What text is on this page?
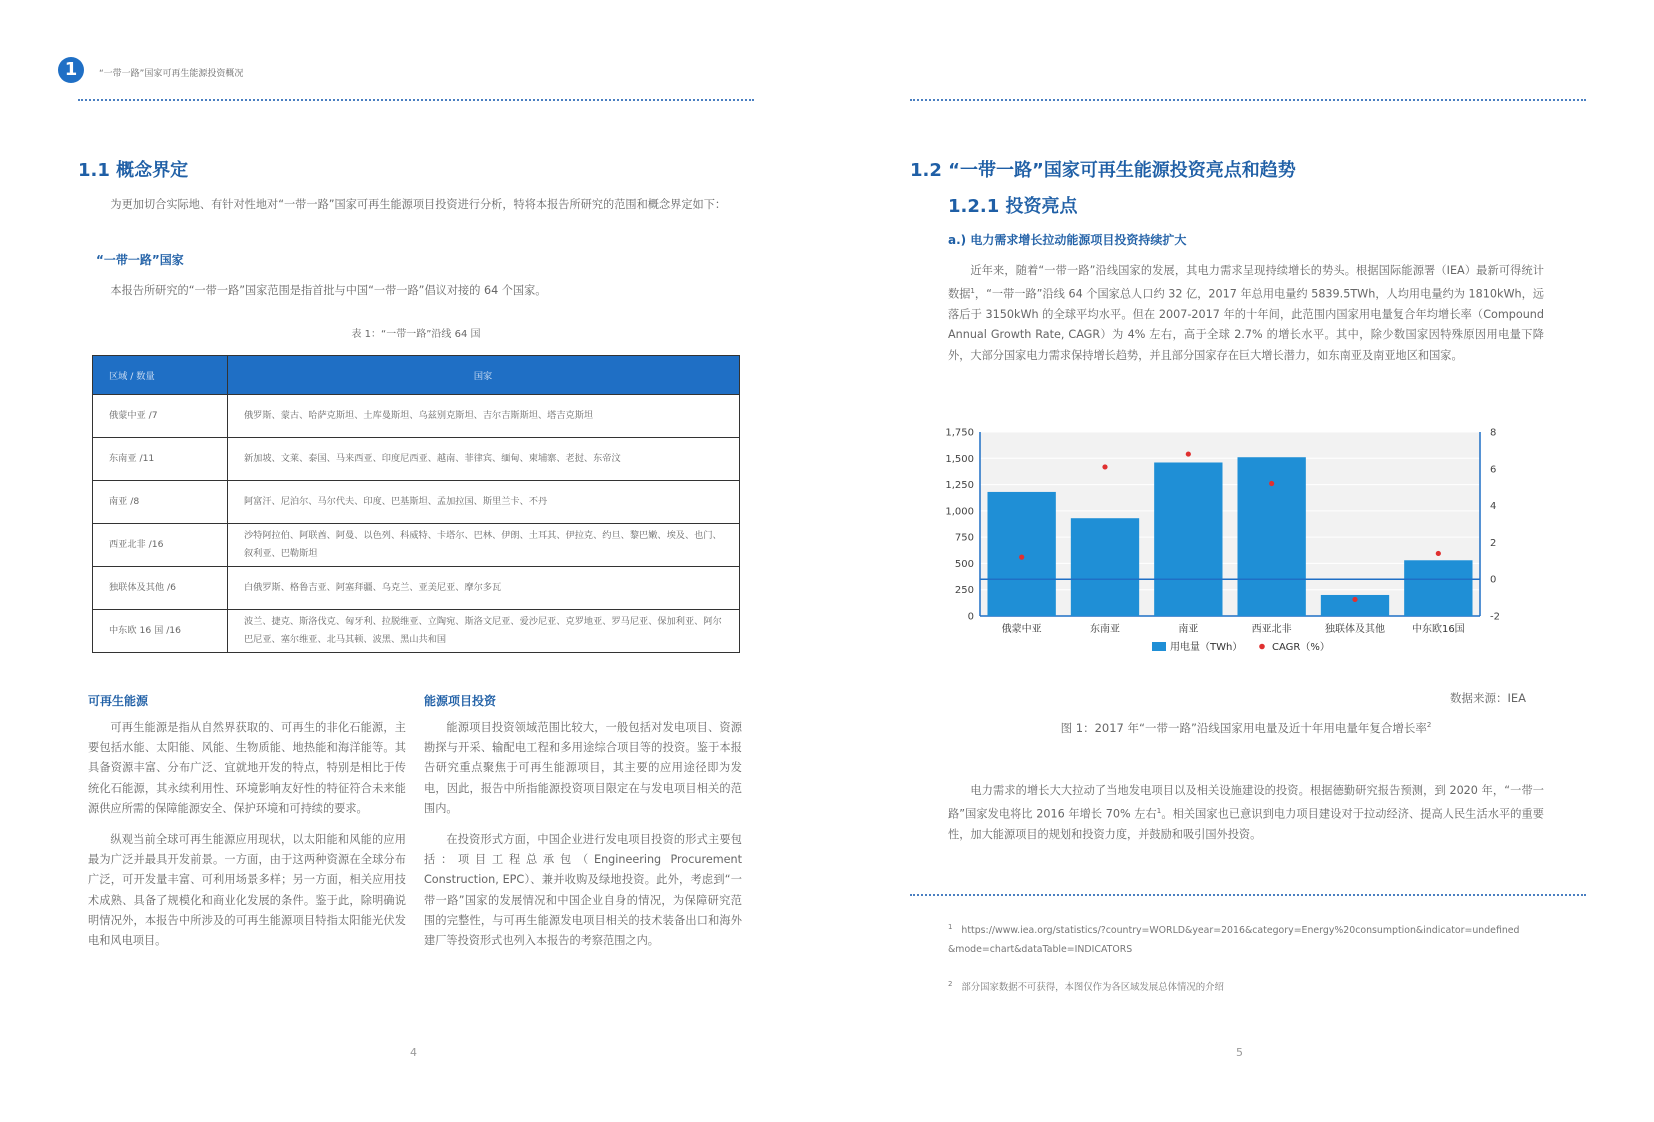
1	“一带一路”国家可再生能源投资概况
1.1 概念界定

为更加切合实际地、有针对性地对“一带一路”国家可再生能源项目投资进行分析，特将本报告所研究的范围和概念界定如下：

“一带一路”国家

本报告所研究的“一带一路”国家范围是指首批与中国“一带一路”倡议对接的 64 个国家。

表 1：“一带一路”沿线 64 国
区域 / 数量	国家
俄蒙中亚 /7	俄罗斯、蒙古、哈萨克斯坦、土库曼斯坦、乌兹别克斯坦、吉尔吉斯斯坦、塔吉克斯坦
东南亚 /11	新加坡、文莱、泰国、马来西亚、印度尼西亚、越南、菲律宾、缅甸、柬埔寨、老挝、东帝汶
南亚 /8	阿富汗、尼泊尔、马尔代夫、印度、巴基斯坦、孟加拉国、斯里兰卡、不丹
西亚北非 /16	沙特阿拉伯、阿联酋、阿曼、以色列、科威特、卡塔尔、巴林、伊朗、土耳其、伊拉克、约旦、黎巴嫩、埃及、也门、叙利亚、巴勒斯坦
独联体及其他 /6	白俄罗斯、格鲁吉亚、阿塞拜疆、乌克兰、亚美尼亚、摩尔多瓦
中东欧 16 国 /16	波兰、捷克、斯洛伐克、匈牙利、拉脱维亚、立陶宛、斯洛文尼亚、爱沙尼亚、克罗地亚、罗马尼亚、保加利亚、阿尔巴尼亚、塞尔维亚、北马其顿、波黑、黑山共和国
可再生能源

可再生能源是指从自然界获取的、可再生的非化石能源，主要包括水能、太阳能、风能、生物质能、地热能和海洋能等。其具备资源丰富、分布广泛、宜就地开发的特点，特别是相比于传统化石能源，其永续利用性、环境影响友好性的特征符合未来能源供应所需的保障能源安全、保护环境和可持续的要求。

纵观当前全球可再生能源应用现状，以太阳能和风能的应用最为广泛并最具开发前景。一方面，由于这两种资源在全球分布广泛，可开发量丰富、可利用场景多样；另一方面，相关应用技术成熟、具备了规模化和商业化发展的条件。鉴于此，除明确说明情况外，本报告中所涉及的可再生能源项目特指太阳能光伏发电和风电项目。

能源项目投资

能源项目投资领域范围比较大，一般包括对发电项目、资源勘探与开采、输配电工程和多用途综合项目等的投资。鉴于本报告研究重点聚焦于可再生能源项目，其主要的应用途径即为发电，因此，报告中所指能源投资项目限定在与发电项目相关的范围内。

在投资形式方面，中国企业进行发电项目投资的形式主要包括：项目工程总承包（Engineering Procurement Construction, EPC）、兼并收购及绿地投资。此外，考虑到“一带一路”国家的发展情况和中国企业自身的情况，为保障研究范围的完整性，与可再生能源发电项目相关的技术装备出口和海外建厂等投资形式也列入本报告的考察范围之内。

4
1.2 “一带一路”国家可再生能源投资亮点和趋势
1.2.1 投资亮点
a.) 电力需求增长拉动能源项目投资持续扩大

近年来，随着“一带一路”沿线国家的发展，其电力需求呈现持续增长的势头。根据国际能源署（IEA）最新可得统计数据$^1$，“一带一路”沿线 64 个国家总人口约 32 亿，2017 年总用电量约 5839.5TWh，人均用电量约为 1810kWh，远落后于 3150kWh 的全球平均水平。但在 2007-2017 年的十年间，此范围内国家用电量复合年均增长率（Compound Annual Growth Rate, CAGR）为 4% 左右，高于全球 2.7% 的增长水平。其中，除少数国家因特殊原因用电量下降外，大部分国家电力需求保持增长趋势，并且部分国家存在巨大增长潜力，如东南亚及南亚地区和国家。

0
250
500
750
1,000
1,250
1,500
1,750
-2
0
2
4
6
8
俄蒙中亚	东南亚	南亚	西亚北非	独联体及其他	中东欧16国
用电量（TWh）	CAGR（%）
数据来源：IEA
图 1：2017 年“一带一路”沿线国家用电量及近十年用电量年复合增长率$^2$

电力需求的增长大大拉动了当地发电项目以及相关设施建设的投资。根据德勤研究报告预测，到 2020 年，“一带一路”国家发电将比 2016 年增长 70% 左右$^1$。相关国家也已意识到电力项目建设对于拉动经济、提高人民生活水平的重要性，加大能源项目的规划和投资力度，并鼓励和吸引国外投资。

$^1$ https://www.iea.org/statistics/?country=WORLD&year=2016&category=Energy%20consumption&indicator=undefined
&mode=chart&dataTable=INDICATORS
$^2$ 部分国家数据不可获得，本图仅作为各区域发展总体情况的介绍
5
